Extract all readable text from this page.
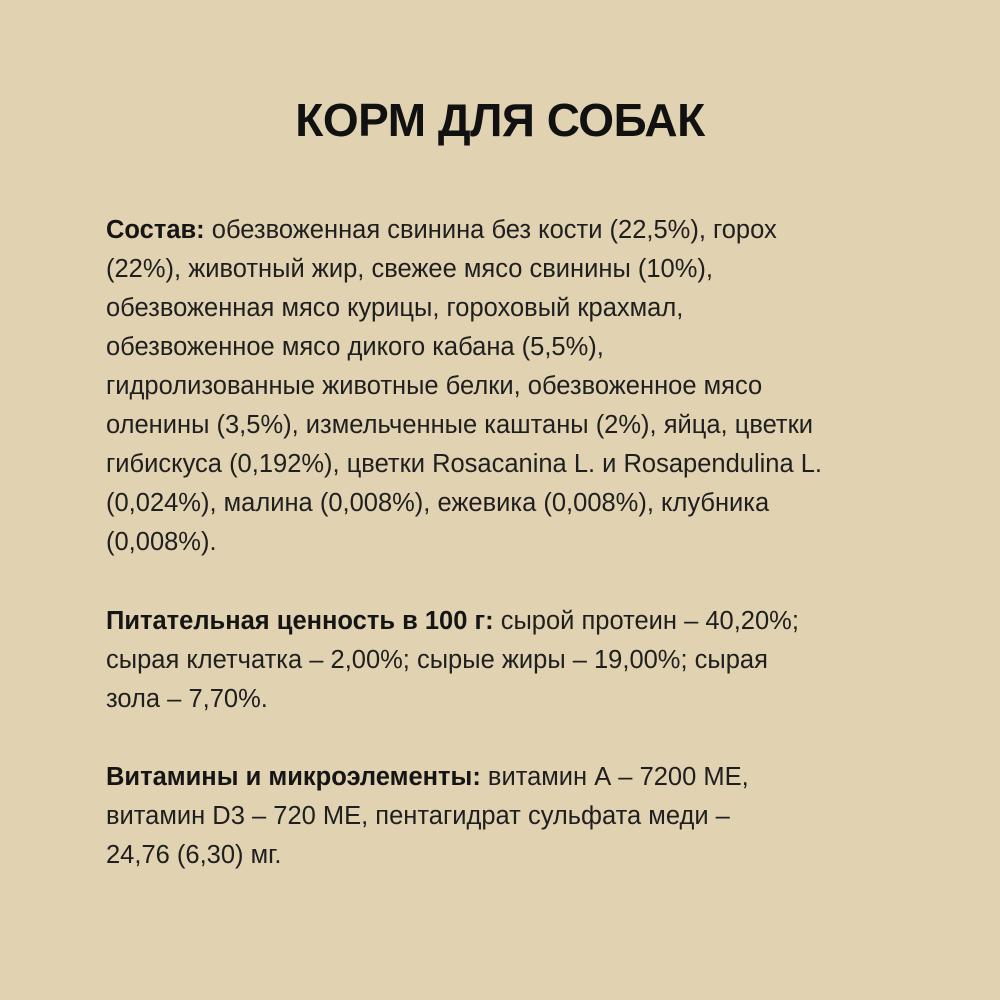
КОРМ ДЛЯ СОБАК

Состав: обезвоженная свинина без кости (22,5%), горох
(22%), животный жир, свежее мясо свинины (10%),
обезвоженная мясо курицы, гороховый крахмал,
обезвоженное мясо дикого кабана (5,5%),
гидролизованные животные белки, обезвоженное мясо
оленины (3,5%), измельченные каштаны (2%), яйца, цветки
гибискуса (0,192%), цветки Rosacanina L. и Rosapendulina L.
(0,024%), малина (0,008%), ежевика (0,008%), клубника
(0,008%).

Питательная ценность в 100 г: сырой протеин – 40,20%;
сырая клетчатка – 2,00%; сырые жиры – 19,00%; сырая
зола – 7,70%.

Витамины и микроэлементы: витамин А – 7200 МЕ,
витамин D3 – 720 МЕ, пентагидрат сульфата меди –
24,76 (6,30) мг.
